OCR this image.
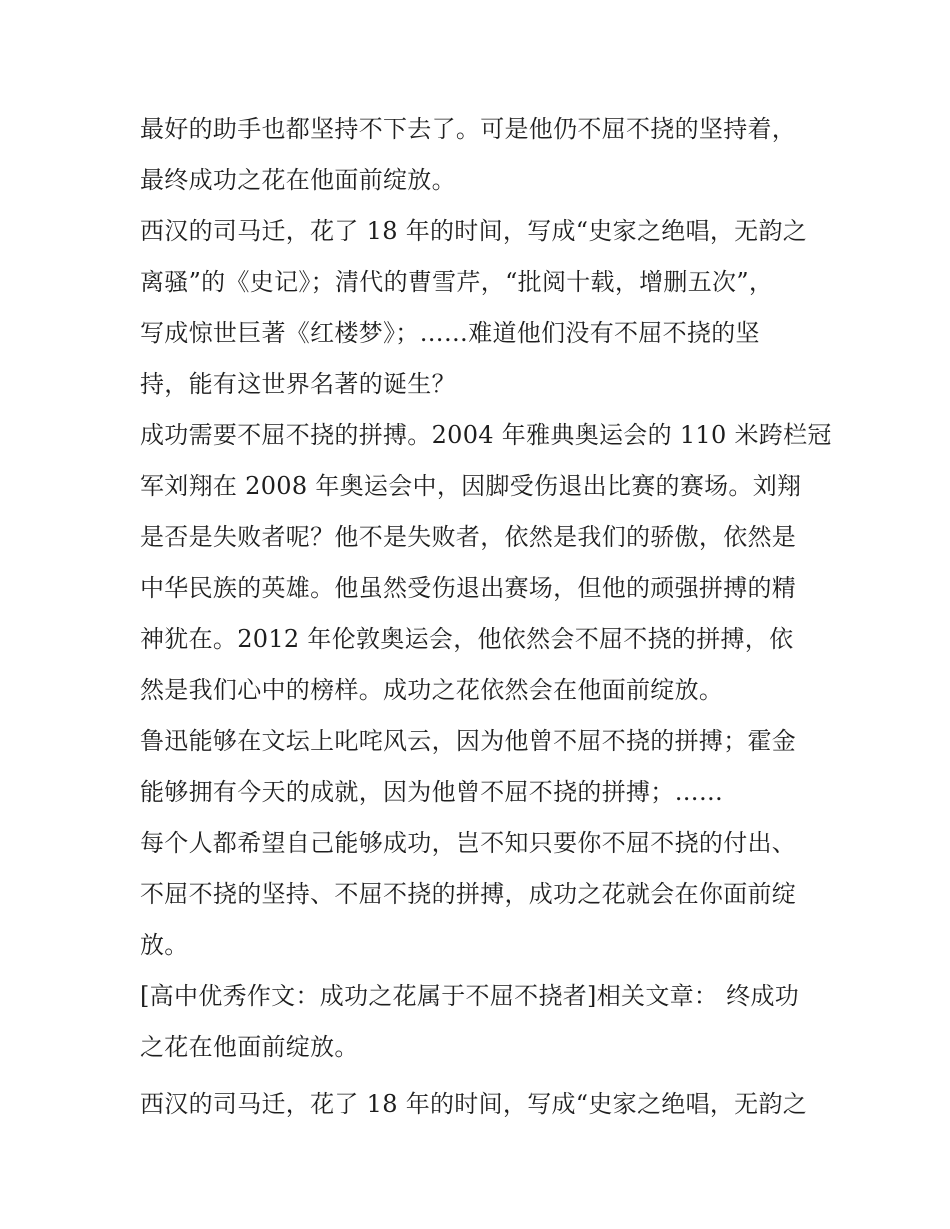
最好的助手也都坚持不下去了。可是他仍不屈不挠的坚持着，
最终成功之花在他面前绽放。
西汉的司马迁，花了 18 年的时间，写成“史家之绝唱，无韵之
离骚”的《史记》；清代的曹雪芹，“批阅十载，增删五次”，
写成惊世巨著《红楼梦》；……难道他们没有不屈不挠的坚
持，能有这世界名著的诞生？
成功需要不屈不挠的拼搏。2004 年雅典奥运会的 110 米跨栏冠
军刘翔在 2008 年奥运会中，因脚受伤退出比赛的赛场。刘翔
是否是失败者呢？他不是失败者，依然是我们的骄傲，依然是
中华民族的英雄。他虽然受伤退出赛场，但他的顽强拼搏的精
神犹在。2012 年伦敦奥运会，他依然会不屈不挠的拼搏，依
然是我们心中的榜样。成功之花依然会在他面前绽放。
鲁迅能够在文坛上叱咤风云，因为他曾不屈不挠的拼搏；霍金
能够拥有今天的成就，因为他曾不屈不挠的拼搏；……
每个人都希望自己能够成功，岂不知只要你不屈不挠的付出、
不屈不挠的坚持、不屈不挠的拼搏，成功之花就会在你面前绽
放。
[高中优秀作文：成功之花属于不屈不挠者]相关文章： 终成功
之花在他面前绽放。
西汉的司马迁，花了 18 年的时间，写成“史家之绝唱，无韵之
